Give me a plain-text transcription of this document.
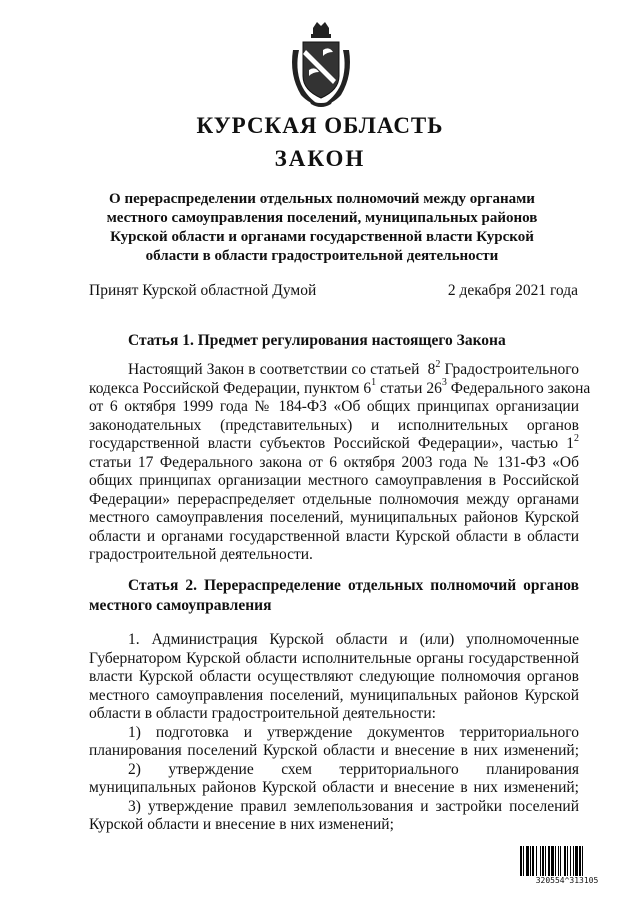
КУРСКАЯ ОБЛАСТЬ
ЗАКОН
О перераспределении отдельных полномочий между органами
местного самоуправления поселений, муниципальных районов
Курской области и органами государственной власти Курской
области в области градостроительной деятельности
Принят Курской областной Думой	2 декабря 2021 года
Статья 1. Предмет регулирования настоящего Закона
Настоящий Закон в соответствии со статьей  $8^2$ Градостроительного
кодекса Российской Федерации, пунктом $6^1$ статьи $26^3$ Федерального закона
от 6 октября 1999 года № 184-ФЗ «Об общих принципах организации
законодательных (представительных) и исполнительных органов
государственной власти субъектов Российской Федерации», частью $1^2$
статьи 17 Федерального закона от 6 октября 2003 года № 131-ФЗ «Об
общих принципах организации местного самоуправления в Российской
Федерации» перераспределяет отдельные полномочия между органами
местного самоуправления поселений, муниципальных районов Курской
области и органами государственной власти Курской области в области
градостроительной деятельности.
Статья 2. Перераспределение отдельных полномочий органов
местного самоуправления
1. Администрация Курской области и (или) уполномоченные
Губернатором Курской области исполнительные органы государственной
власти Курской области осуществляют следующие полномочия органов
местного самоуправления поселений, муниципальных районов Курской
области в области градостроительной деятельности:
1) подготовка и утверждение документов территориального
планирования поселений Курской области и внесение в них изменений;
2) утверждение схем территориального планирования
муниципальных районов Курской области и внесение в них изменений;
3) утверждение правил землепользования и застройки поселений
Курской области и внесение в них изменений;
320554^313105
